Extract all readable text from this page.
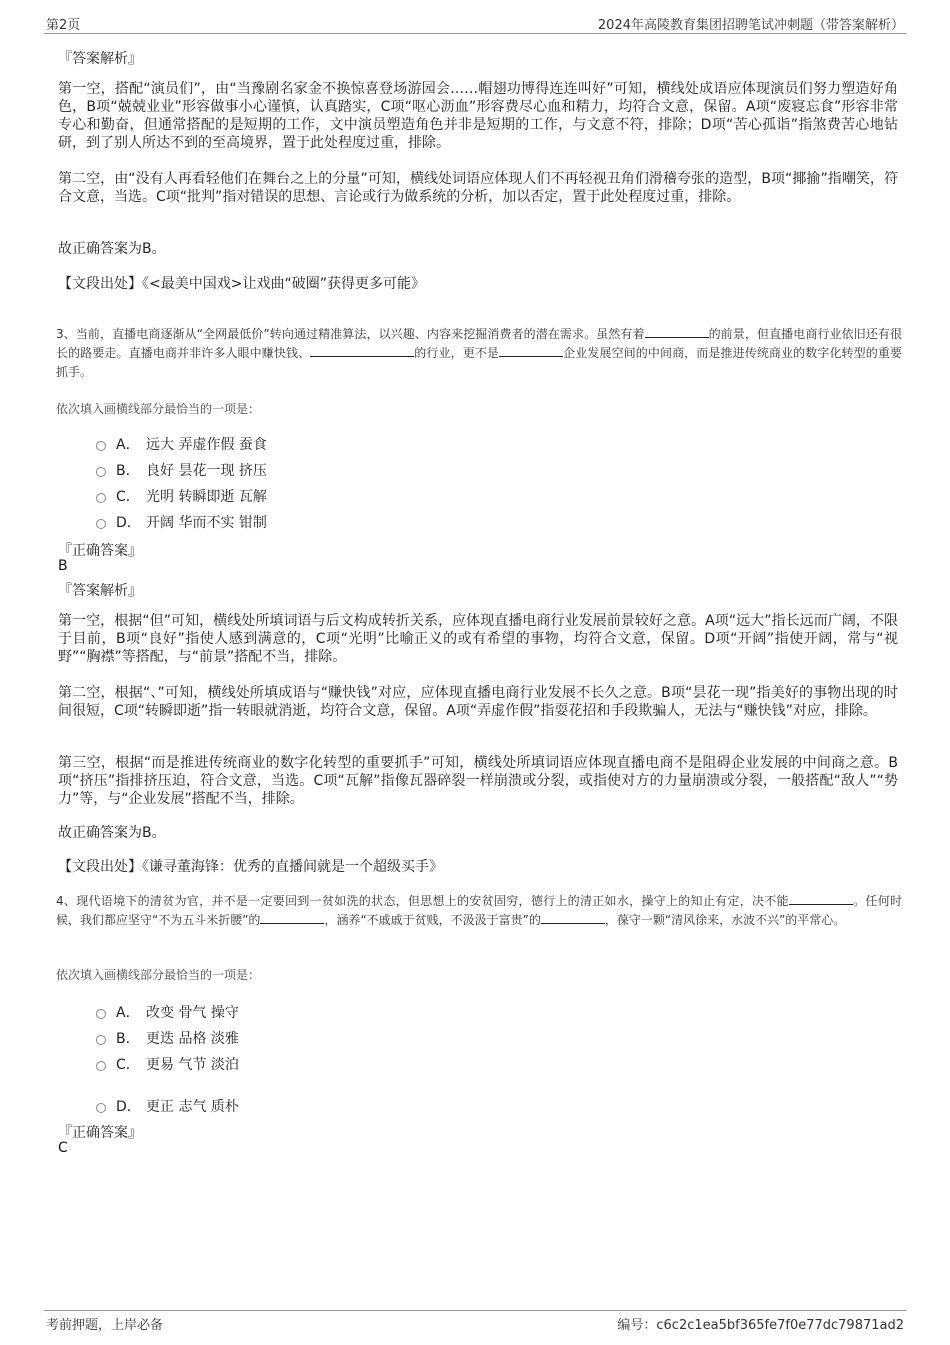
第2页	2024年高陵教育集团招聘笔试冲刺题（带答案解析）
『答案解析』
第一空，搭配“演员们”，由“当豫剧名家金不换惊喜登场游园会……帽翅功博得连连叫好”可知，横线处成语应体现演员们努力塑造好角色，B项“兢兢业业”形容做事小心谨慎，认真踏实，C项“呕心沥血”形容费尽心血和精力，均符合文意，保留。A项“废寝忘食”形容非常专心和勤奋，但通常搭配的是短期的工作，文中演员塑造角色并非是短期的工作，与文意不符，排除；D项“苦心孤诣”指煞费苦心地钻研，到了别人所达不到的至高境界，置于此处程度过重，排除。
第二空，由“没有人再看轻他们在舞台之上的分量”可知，横线处词语应体现人们不再轻视丑角们滑稽夸张的造型，B项“揶揄”指嘲笑，符合文意，当选。C项“批判”指对错误的思想、言论或行为做系统的分析，加以否定，置于此处程度过重，排除。
故正确答案为B。
【文段出处】《<最美中国戏>让戏曲“破圈”获得更多可能》
3、当前，直播电商逐渐从“全网最低价”转向通过精准算法，以兴趣、内容来挖掘消费者的潜在需求。虽然有着	的前景，但直播电商行业依旧还有很长的路要走。直播电商并非许多人眼中赚快钱、	的行业，更不是	企业发展空间的中间商，而是推进传统商业的数字化转型的重要抓手。
依次填入画横线部分最恰当的一项是：
A． 远大 弄虚作假 蚕食
B． 良好 昙花一现 挤压
C． 光明 转瞬即逝 瓦解
D． 开阔 华而不实 钳制
『正确答案』
B
『答案解析』
第一空，根据“但”可知，横线处所填词语与后文构成转折关系，应体现直播电商行业发展前景较好之意。A项“远大”指长远而广阔，不限于目前，B项“良好”指使人感到满意的，C项“光明”比喻正义的或有希望的事物，均符合文意，保留。D项“开阔”指使开阔，常与“视野”“胸襟”等搭配，与“前景”搭配不当，排除。
第二空，根据“、”可知，横线处所填成语与“赚快钱”对应，应体现直播电商行业发展不长久之意。B项“昙花一现”指美好的事物出现的时间很短，C项“转瞬即逝”指一转眼就消逝，均符合文意，保留。A项“弄虚作假”指耍花招和手段欺骗人，无法与“赚快钱”对应，排除。
第三空，根据“而是推进传统商业的数字化转型的重要抓手”可知，横线处所填词语应体现直播电商不是阻碍企业发展的中间商之意。B项“挤压”指排挤压迫，符合文意，当选。C项“瓦解”指像瓦器碎裂一样崩溃或分裂，或指使对方的力量崩溃或分裂，一般搭配“敌人”“势力”等，与“企业发展”搭配不当，排除。
故正确答案为B。
【文段出处】《谦寻董海锋：优秀的直播间就是一个超级买手》
4、现代语境下的清贫为官，并不是一定要回到一贫如洗的状态，但思想上的安贫固穷，德行上的清正如水，操守上的知止有定，决不能	。任何时候，我们都应坚守“不为五斗米折腰”的	，涵养“不戚戚于贫贱，不汲汲于富贵”的	，葆守一颗“清风徐来，水波不兴”的平常心。
依次填入画横线部分最恰当的一项是：
A． 改变 骨气 操守
B． 更迭 品格 淡雅
C． 更易 气节 淡泊
D． 更正 志气 质朴
『正确答案』
C
考前押题，上岸必备	编号：c6c2c1ea5bf365fe7f0e77dc79871ad2
